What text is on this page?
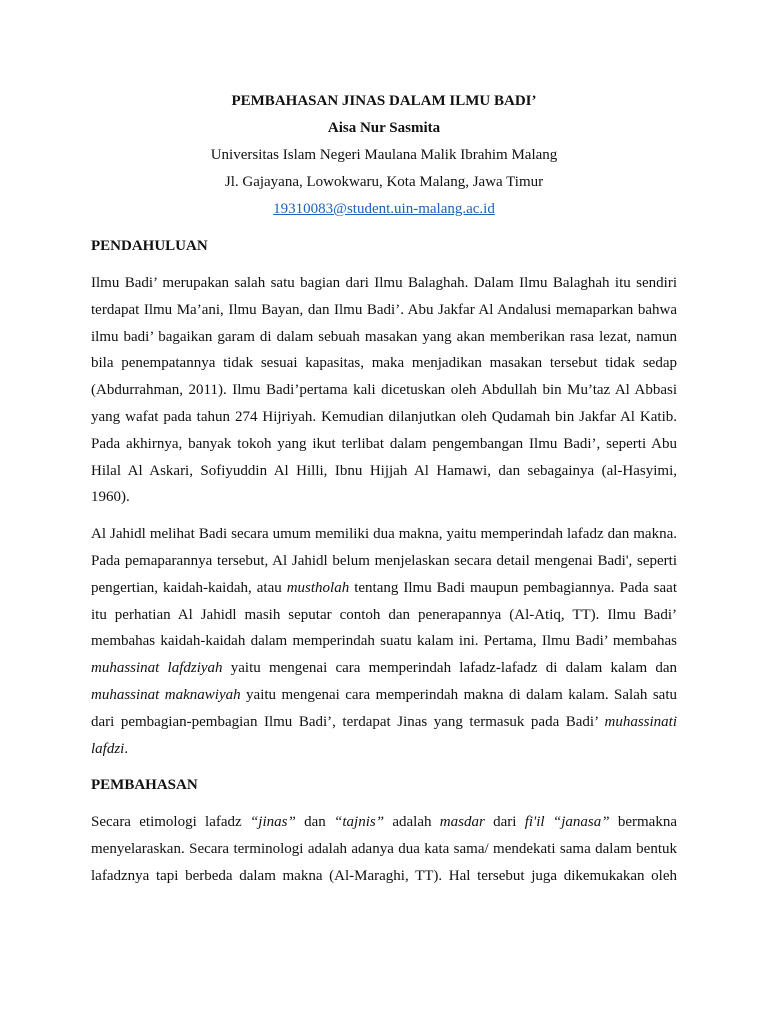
PEMBAHASAN JINAS DALAM ILMU BADI’
Aisa Nur Sasmita
Universitas Islam Negeri Maulana Malik Ibrahim Malang
Jl. Gajayana, Lowokwaru, Kota Malang, Jawa Timur
19310083@student.uin-malang.ac.id
PENDAHULUAN
Ilmu Badi’ merupakan salah satu bagian dari Ilmu Balaghah. Dalam Ilmu Balaghah itu sendiri
terdapat Ilmu Ma’ani, Ilmu Bayan, dan Ilmu Badi’. Abu Jakfar Al Andalusi memaparkan bahwa
ilmu badi’ bagaikan garam di dalam sebuah masakan yang akan memberikan rasa lezat, namun
bila penempatannya tidak sesuai kapasitas, maka menjadikan masakan tersebut tidak sedap
(Abdurrahman, 2011). Ilmu Badi’pertama kali dicetuskan oleh Abdullah bin Mu’taz Al Abbasi
yang wafat pada tahun 274 Hijriyah. Kemudian dilanjutkan oleh Qudamah bin Jakfar Al Katib.
Pada akhirnya, banyak tokoh yang ikut terlibat dalam pengembangan Ilmu Badi’, seperti Abu
Hilal Al Askari, Sofiyuddin Al Hilli, Ibnu Hijjah Al Hamawi, dan sebagainya (al-Hasyimi,
1960).
Al Jahidl melihat Badi secara umum memiliki dua makna, yaitu memperindah lafadz dan makna.
Pada pemaparannya tersebut, Al Jahidl belum menjelaskan secara detail mengenai Badi', seperti
pengertian, kaidah-kaidah, atau mustholah tentang Ilmu Badi maupun pembagiannya. Pada saat
itu perhatian Al Jahidl masih seputar contoh dan penerapannya (Al-Atiq, TT). Ilmu Badi’
membahas kaidah-kaidah dalam memperindah suatu kalam ini. Pertama, Ilmu Badi’ membahas
muhassinat lafdziyah yaitu mengenai cara memperindah lafadz-lafadz di dalam kalam dan
muhassinat maknawiyah yaitu mengenai cara memperindah makna di dalam kalam. Salah satu
dari pembagian-pembagian Ilmu Badi’, terdapat Jinas yang termasuk pada Badi’ muhassinati
lafdzi.
PEMBAHASAN
Secara etimologi lafadz “jinas” dan “tajnis” adalah masdar dari fi'il “janasa” bermakna
menyelaraskan. Secara terminologi adalah adanya dua kata sama/ mendekati sama dalam bentuk
lafadznya tapi berbeda dalam makna (Al-Maraghi, TT). Hal tersebut juga dikemukakan oleh
